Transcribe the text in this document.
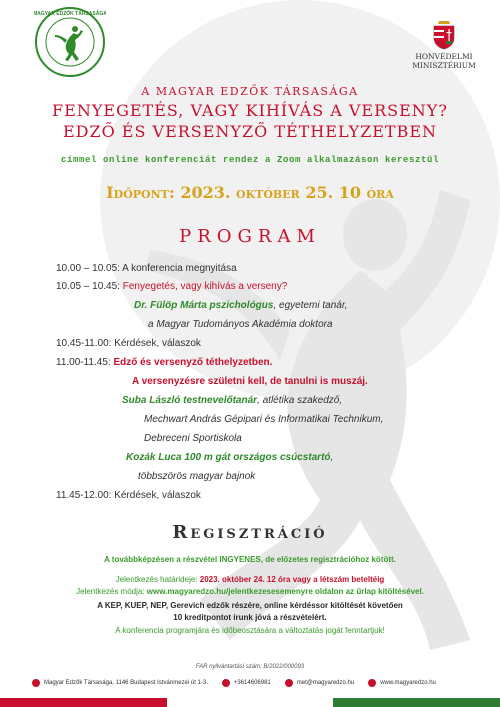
MAGYAR EDZŐK TÁRSASÁGA
HONVÉDELMI
MINISZTÉRIUM
A MAGYAR EDZŐK TÁRSASÁGA
FENYEGETÉS, VAGY KIHÍVÁS A VERSENY?
EDZŐ ÉS VERSENYZŐ TÉTHELYZETBEN
címmel online konferenciát rendez a Zoom alkalmazáson keresztül
Időpont: 2023. október 25. 10 óra
PROGRAM
10.00 – 10.05: A konferencia megnyitása
10.05 – 10.45: Fenyegetés, vagy kihívás a verseny?
Dr. Fülöp Márta pszichológus, egyetemi tanár,
a Magyar Tudományos Akadémia doktora
10.45-11.00: Kérdések, válaszok
11.00-11.45: Edző és versenyző téthelyzetben.
A versenyzésre születni kell, de tanulni is muszáj.
Suba László testnevelőtanár, atlétika szakedző,
Mechwart András Gépipari és Informatikai Technikum,
Debreceni Sportiskola
Kozák Luca 100 m gát országos csúcstartó,
többszörös magyar bajnok
11.45-12.00: Kérdések, válaszok
Regisztráció
A továbbképzésen a részvétel INGYENES, de előzetes regisztrációhoz kötött.
Jelentkezés határideje: 2023. október 24. 12 óra vagy a létszám beteltéig
Jelentkezés módja: www.magyaredzo.hu/jelentkezesesemenyre oldalon az űrlap kitöltésével.
A KEP, KUEP, NEP, Gerevich edzők részére, online kérdéssor kitöltését követően
10 kreditpontot írunk jóvá a részvételért.
A konferencia programjára és időbeosztására a változtatás jogát fenntartjuk!
FAR nyilvántartási szám: B/2022/000093
Magyar Edzők Társasága, 1146 Budapest Istvánmezei út 1-3.	+3614606981	met@magyaredzo.hu	www.magyaredzo.hu
